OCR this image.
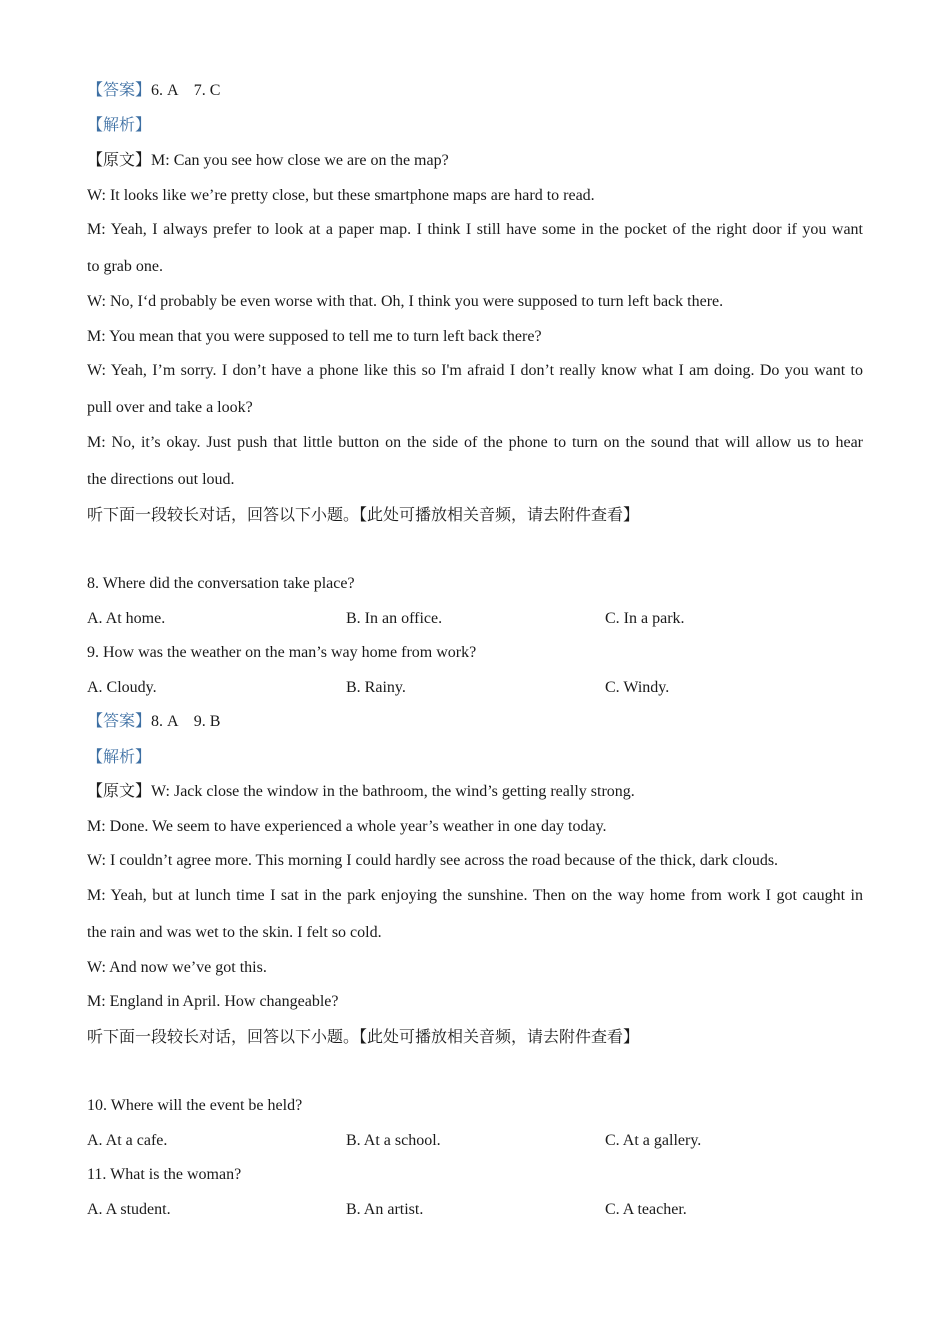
【答案】6. A    7. C
【解析】
【原文】M: Can you see how close we are on the map?
W: It looks like we’re pretty close, but these smartphone maps are hard to read.
M: Yeah, I always prefer to look at a paper map. I think I still have some in the pocket of the right door if you want
to grab one.
W: No, I‘d probably be even worse with that. Oh, I think you were supposed to turn left back there.
M: You mean that you were supposed to tell me to turn left back there?
W: Yeah, I’m sorry. I don’t have a phone like this so I'm afraid I don’t really know what I am doing. Do you want to
pull over and take a look?
M: No, it’s okay. Just push that little button on the side of the phone to turn on the sound that will allow us to hear
the directions out loud.
听下面一段较长对话，回答以下小题。【此处可播放相关音频，请去附件查看】
8. Where did the conversation take place?
A. At home.	B. In an office.	C. In a park.
9. How was the weather on the man’s way home from work?
A. Cloudy.	B. Rainy.	C. Windy.
【答案】8. A    9. B
【解析】
【原文】W: Jack close the window in the bathroom, the wind’s getting really strong.
M: Done. We seem to have experienced a whole year’s weather in one day today.
W: I couldn’t agree more. This morning I could hardly see across the road because of the thick, dark clouds.
M: Yeah, but at lunch time I sat in the park enjoying the sunshine. Then on the way home from work I got caught in
the rain and was wet to the skin. I felt so cold.
W: And now we’ve got this.
M: England in April. How changeable?
听下面一段较长对话，回答以下小题。【此处可播放相关音频，请去附件查看】
10. Where will the event be held?
A. At a cafe.	B. At a school.	C. At a gallery.
11. What is the woman?
A. A student.	B. An artist.	C. A teacher.
